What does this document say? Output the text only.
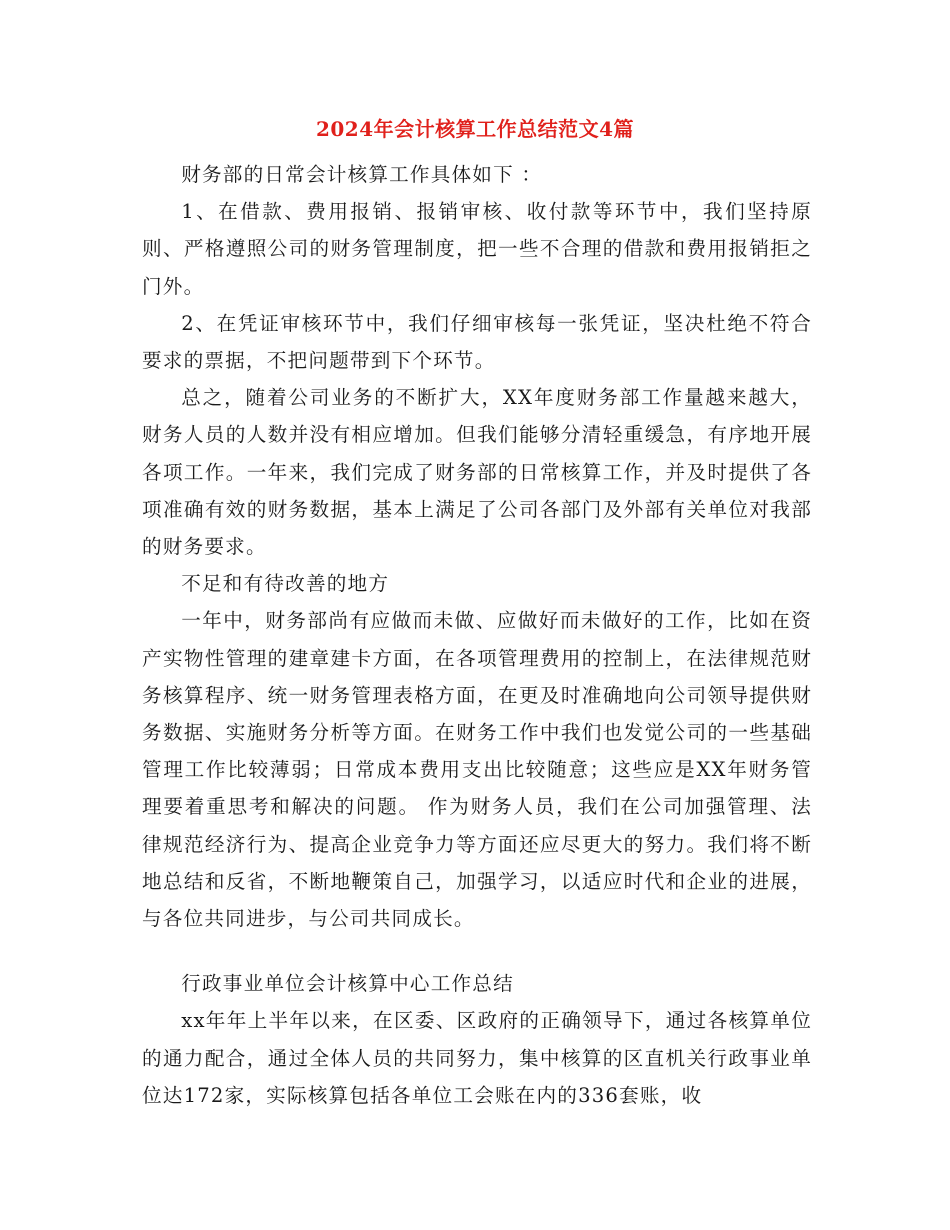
2024年会计核算工作总结范文4篇

财务部的日常会计核算工作具体如下 ：

1、在借款、费用报销、报销审核、收付款等环节中，我们坚持原则、严格遵照公司的财务管理制度，把一些不合理的借款和费用报销拒之门外。

2、在凭证审核环节中，我们仔细审核每一张凭证，坚决杜绝不符合要求的票据，不把问题带到下个环节。

总之，随着公司业务的不断扩大，XX年度财务部工作量越来越大，财务人员的人数并没有相应增加。但我们能够分清轻重缓急，有序地开展各项工作。一年来，我们完成了财务部的日常核算工作，并及时提供了各项准确有效的财务数据，基本上满足了公司各部门及外部有关单位对我部的财务要求。

不足和有待改善的地方

一年中，财务部尚有应做而未做、应做好而未做好的工作，比如在资产实物性管理的建章建卡方面，在各项管理费用的控制上，在法律规范财务核算程序、统一财务管理表格方面，在更及时准确地向公司领导提供财务数据、实施财务分析等方面。在财务工作中我们也发觉公司的一些基础管理工作比较薄弱；日常成本费用支出比较随意；这些应是XX年财务管理要着重思考和解决的问题。 作为财务人员，我们在公司加强管理、法律规范经济行为、提高企业竞争力等方面还应尽更大的努力。我们将不断地总结和反省，不断地鞭策自己，加强学习，以适应时代和企业的进展，与各位共同进步，与公司共同成长。

行政事业单位会计核算中心工作总结

xx年年上半年以来，在区委、区政府的正确领导下，通过各核算单位的通力配合，通过全体人员的共同努力，集中核算的区直机关行政事业单位达172家，实际核算包括各单位工会账在内的336套账，收
